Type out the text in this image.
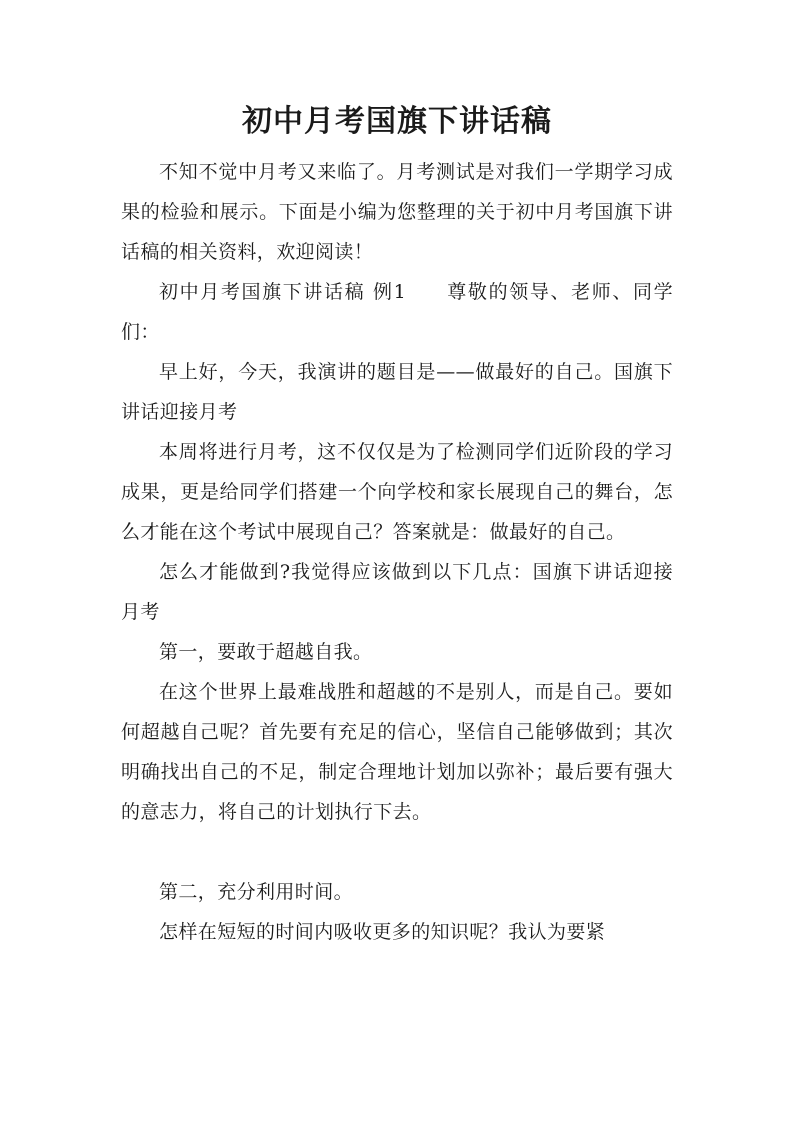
初中月考国旗下讲话稿

不知不觉中月考又来临了。月考测试是对我们一学期学习成果的检验和展示。下面是小编为您整理的关于初中月考国旗下讲话稿的相关资料，欢迎阅读！

初中月考国旗下讲话稿 例1 尊敬的领导、老师、同学们：

早上好，今天，我演讲的题目是——做最好的自己。国旗下讲话迎接月考

本周将进行月考，这不仅仅是为了检测同学们近阶段的学习成果，更是给同学们搭建一个向学校和家长展现自己的舞台，怎么才能在这个考试中展现自己？答案就是：做最好的自己。

怎么才能做到?我觉得应该做到以下几点：国旗下讲话迎接月考

第一，要敢于超越自我。

在这个世界上最难战胜和超越的不是别人，而是自己。要如何超越自己呢？首先要有充足的信心，坚信自己能够做到；其次明确找出自己的不足，制定合理地计划加以弥补；最后要有强大的意志力，将自己的计划执行下去。

第二，充分利用时间。

怎样在短短的时间内吸收更多的知识呢？我认为要紧
